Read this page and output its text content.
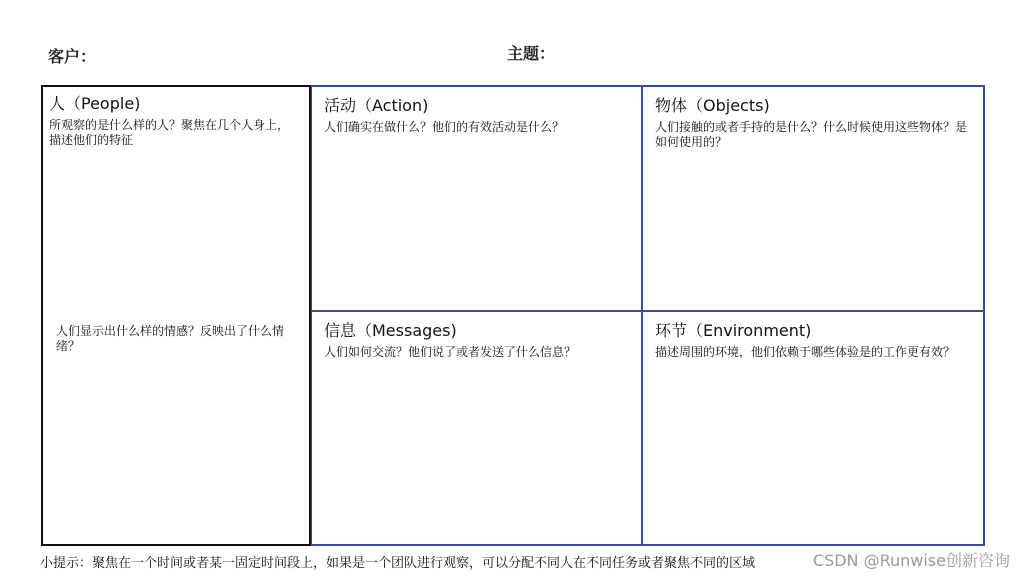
客户：	主题：
人（People)
所观察的是什么样的人？聚焦在几个人身上，描述他们的特征
人们显示出什么样的情感？反映出了什么情绪？
活动（Action)
人们确实在做什么？他们的有效活动是什么？
物体（Objects)
人们接触的或者手持的是什么？什么时候使用这些物体？是如何使用的？
信息（Messages)
人们如何交流？他们说了或者发送了什么信息？
环节（Environment)
描述周围的环境，他们依赖于哪些体验是的工作更有效？
小提示：聚焦在一个时间或者某一固定时间段上，如果是一个团队进行观察，可以分配不同人在不同任务或者聚焦不同的区域	CSDN @Runwise创新咨询
